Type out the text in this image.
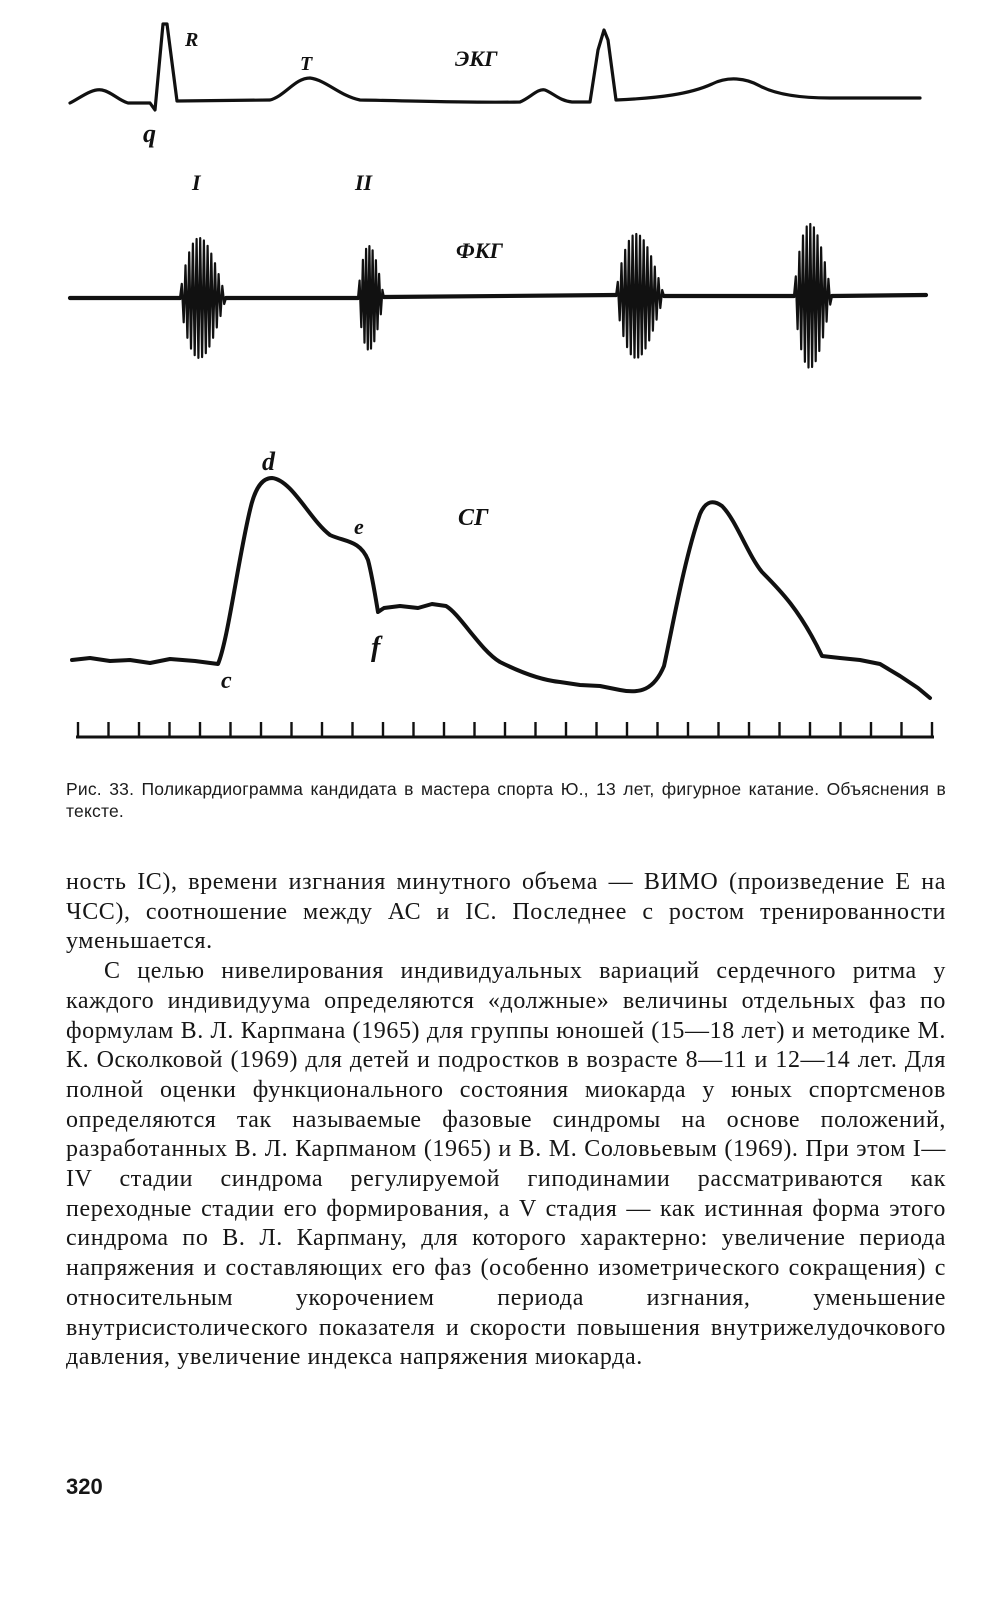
R
q
T	ЭКГ
I	II
ФКГ
d
e	СГ
f
c
Рис. 33. Поликардиограмма кандидата в мастера спорта Ю., 13 лет, фигурное катание. Объяснения в тексте.

ность IC), времени изгнания минутного объема — ВИМО (произведение Е на ЧСС), соотношение между АС и IC. Последнее с ростом тренированности уменьшается.

С целью нивелирования индивидуальных вариаций сердечного ритма у каждого индивидуума определяются «должные» величины отдельных фаз по формулам В. Л. Карпмана (1965) для группы юношей (15—18 лет) и методике М. К. Осколковой (1969) для детей и подростков в возрасте 8—11 и 12—14 лет. Для полной оценки функционального состояния миокарда у юных спортсменов определяются так называемые фазовые синдромы на основе положений, разработанных В. Л. Карпманом (1965) и В. М. Соловьевым (1969). При этом I—IV стадии синдрома регулируемой гиподинамии рассматриваются как переходные стадии его формирования, а V стадия — как истинная форма этого синдрома по В. Л. Карпману, для которого характерно: увеличение периода напряжения и составляющих его фаз (особенно изометрического сокращения) с относительным укорочением периода изгнания, уменьшение внутрисистолического показателя и скорости повышения внутрижелудочкового давления, увеличение индекса напряжения миокарда.

320
